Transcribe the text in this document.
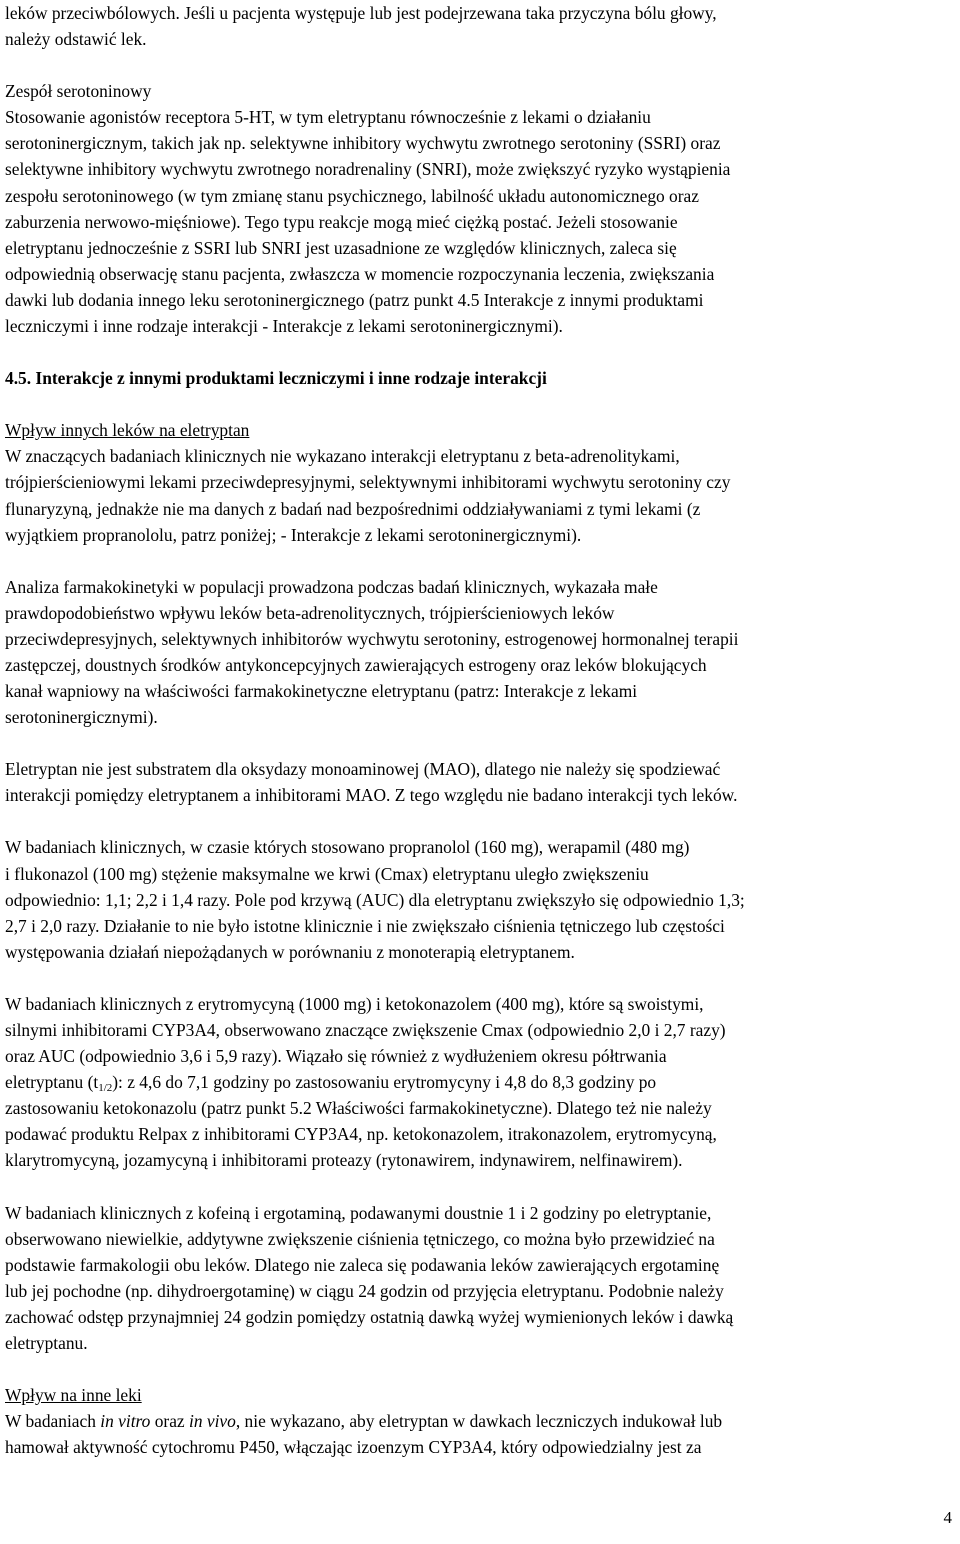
leków przeciwbólowych. Jeśli u pacjenta występuje lub jest podejrzewana taka przyczyna bólu głowy,
należy odstawić lek.

Zespół serotoninowy
Stosowanie agonistów receptora 5-HT, w tym eletryptanu równocześnie z lekami o działaniu
serotoninergicznym, takich jak np. selektywne inhibitory wychwytu zwrotnego serotoniny (SSRI) oraz
selektywne inhibitory wychwytu zwrotnego noradrenaliny (SNRI), może zwiększyć ryzyko wystąpienia
zespołu serotoninowego (w tym zmianę stanu psychicznego, labilność układu autonomicznego oraz
zaburzenia nerwowo-mięśniowe). Tego typu reakcje mogą mieć ciężką postać. Jeżeli stosowanie
eletryptanu jednocześnie z SSRI lub SNRI jest uzasadnione ze względów klinicznych, zaleca się
odpowiednią obserwację stanu pacjenta, zwłaszcza w momencie rozpoczynania leczenia, zwiększania
dawki lub dodania innego leku serotoninergicznego (patrz punkt 4.5 Interakcje z innymi produktami
leczniczymi i inne rodzaje interakcji - Interakcje z lekami serotoninergicznymi).

4.5. Interakcje z innymi produktami leczniczymi i inne rodzaje interakcji

Wpływ innych leków na eletryptan
W znaczących badaniach klinicznych nie wykazano interakcji eletryptanu z beta-adrenolitykami,
trójpierścieniowymi lekami przeciwdepresyjnymi, selektywnymi inhibitorami wychwytu serotoniny czy
flunaryzyną, jednakże nie ma danych z badań nad bezpośrednimi oddziaływaniami z tymi lekami (z
wyjątkiem propranololu, patrz poniżej; - Interakcje z lekami serotoninergicznymi).

Analiza farmakokinetyki w populacji prowadzona podczas badań klinicznych, wykazała małe
prawdopodobieństwo wpływu leków beta-adrenolitycznych, trójpierścieniowych leków
przeciwdepresyjnych, selektywnych inhibitorów wychwytu serotoniny, estrogenowej hormonalnej terapii
zastępczej, doustnych środków antykoncepcyjnych zawierających estrogeny oraz leków blokujących
kanał wapniowy na właściwości farmakokinetyczne eletryptanu (patrz: Interakcje z lekami
serotoninergicznymi).

Eletryptan nie jest substratem dla oksydazy monoaminowej (MAO), dlatego nie należy się spodziewać
interakcji pomiędzy eletryptanem a inhibitorami MAO. Z tego względu nie badano interakcji tych leków.

W badaniach klinicznych, w czasie których stosowano propranolol (160 mg), werapamil (480 mg)
i flukonazol (100 mg) stężenie maksymalne we krwi (Cmax) eletryptanu uległo zwiększeniu
odpowiednio: 1,1; 2,2 i 1,4 razy. Pole pod krzywą (AUC) dla eletryptanu zwiększyło się odpowiednio 1,3;
2,7 i 2,0 razy. Działanie to nie było istotne klinicznie i nie zwiększało ciśnienia tętniczego lub częstości
występowania działań niepożądanych w porównaniu z monoterapią eletryptanem.

W badaniach klinicznych z erytromycyną (1000 mg) i ketokonazolem (400 mg), które są swoistymi,
silnymi inhibitorami CYP3A4, obserwowano znaczące zwiększenie Cmax (odpowiednio 2,0 i 2,7 razy)
oraz AUC (odpowiednio 3,6 i 5,9 razy). Wiązało się również z wydłużeniem okresu półtrwania
eletryptanu $(t_{1/2})$: z 4,6 do 7,1 godziny po zastosowaniu erytromycyny i 4,8 do 8,3 godziny po
zastosowaniu ketokonazolu (patrz punkt 5.2 Właściwości farmakokinetyczne). Dlatego też nie należy
podawać produktu Relpax z inhibitorami CYP3A4, np. ketokonazolem, itrakonazolem, erytromycyną,
klarytromycyną, jozamycyną i inhibitorami proteazy (rytonawirem, indynawirem, nelfinawirem).

W badaniach klinicznych z kofeiną i ergotaminą, podawanymi doustnie 1 i 2 godziny po eletryptanie,
obserwowano niewielkie, addytywne zwiększenie ciśnienia tętniczego, co można było przewidzieć na
podstawie farmakologii obu leków. Dlatego nie zaleca się podawania leków zawierających ergotaminę
lub jej pochodne (np. dihydroergotaminę) w ciągu 24 godzin od przyjęcia eletryptanu. Podobnie należy
zachować odstęp przynajmniej 24 godzin pomiędzy ostatnią dawką wyżej wymienionych leków i dawką
eletryptanu.

Wpływ na inne leki
W badaniach in vitro oraz in vivo, nie wykazano, aby eletryptan w dawkach leczniczych indukował lub
hamował aktywność cytochromu P450, włączając izoenzym CYP3A4, który odpowiedzialny jest za

4
